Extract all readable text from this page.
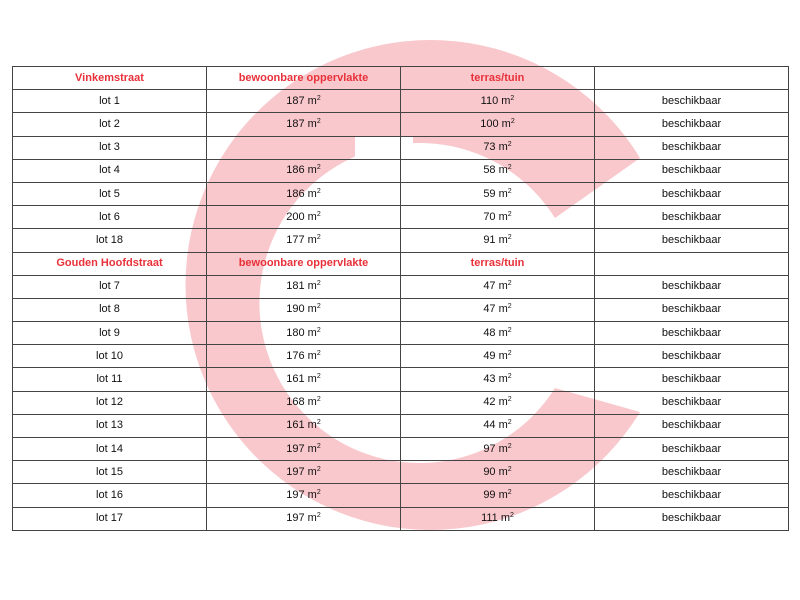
Vinkemstraat	bewoonbare oppervlakte	terras/tuin	
lot 1	187 $m^2$	110 $m^2$	beschikbaar
lot 2	187 $m^2$	100 $m^2$	beschikbaar
lot 3		73 $m^2$	beschikbaar
lot 4	186 $m^2$	58 $m^2$	beschikbaar
lot 5	186 $m^2$	59 $m^2$	beschikbaar
lot 6	200 $m^2$	70 $m^2$	beschikbaar
lot 18	177 $m^2$	91 $m^2$	beschikbaar
Gouden Hoofdstraat	bewoonbare oppervlakte	terras/tuin	
lot 7	181 $m^2$	47 $m^2$	beschikbaar
lot 8	190 $m^2$	47 $m^2$	beschikbaar
lot 9	180 $m^2$	48 $m^2$	beschikbaar
lot 10	176 $m^2$	49 $m^2$	beschikbaar
lot 11	161 $m^2$	43 $m^2$	beschikbaar
lot 12	168 $m^2$	42 $m^2$	beschikbaar
lot 13	161 $m^2$	44 $m^2$	beschikbaar
lot 14	197 $m^2$	97 $m^2$	beschikbaar
lot 15	197 $m^2$	90 $m^2$	beschikbaar
lot 16	197 $m^2$	99 $m^2$	beschikbaar
lot 17	197 $m^2$	111 $m^2$	beschikbaar
